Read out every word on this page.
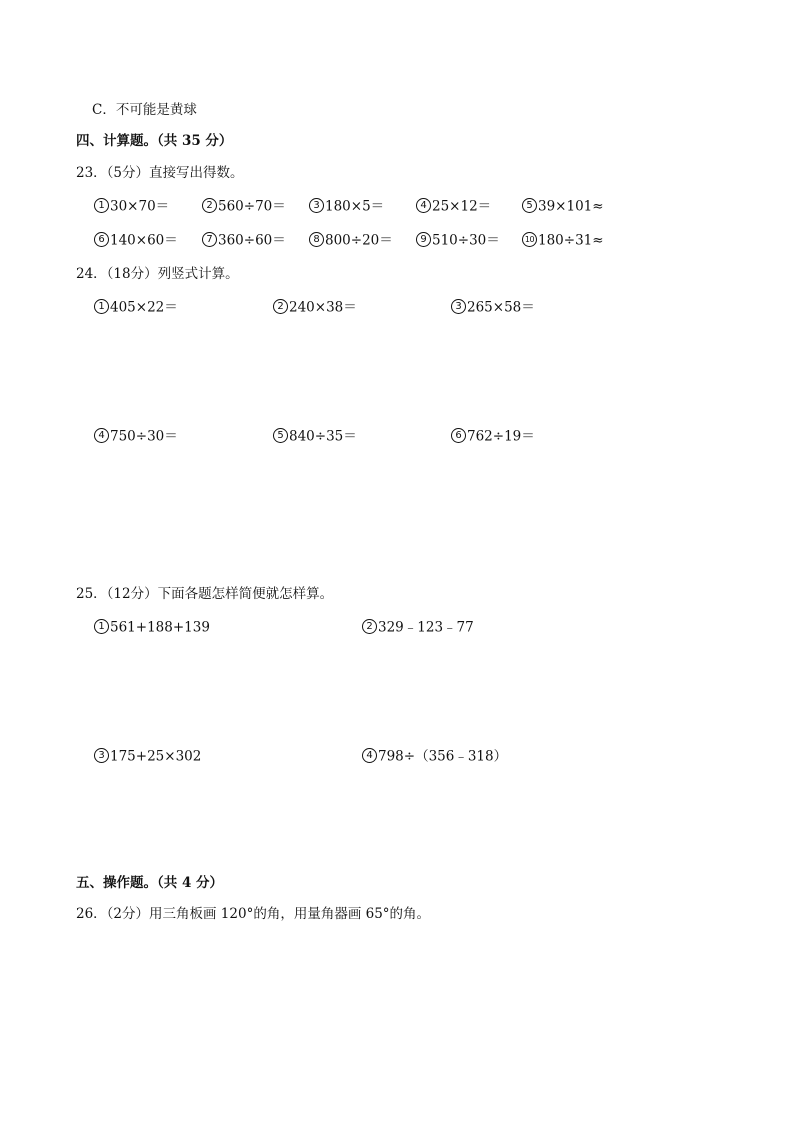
C．不可能是黄球
四、计算题。（共 35 分）
23．（5分）直接写出得数。
1 30×70＝	2 560÷70＝	3 180×5＝	4 25×12＝	5 39×101≈
6 140×60＝	7 360÷60＝	8 800÷20＝	9 510÷30＝	10 180÷31≈
24．（18分）列竖式计算。
1 405×22＝	2 240×38＝	3 265×58＝
4 750÷30＝	5 840÷35＝	6 762÷19＝
25．（12分）下面各题怎样简便就怎样算。
1 561+188+139	2 329﹣123﹣77
3 175+25×302	4 798÷（356﹣318）
五、操作题。（共 4 分）
26．（2分）用三角板画 120°的角，用量角器画 65°的角。
